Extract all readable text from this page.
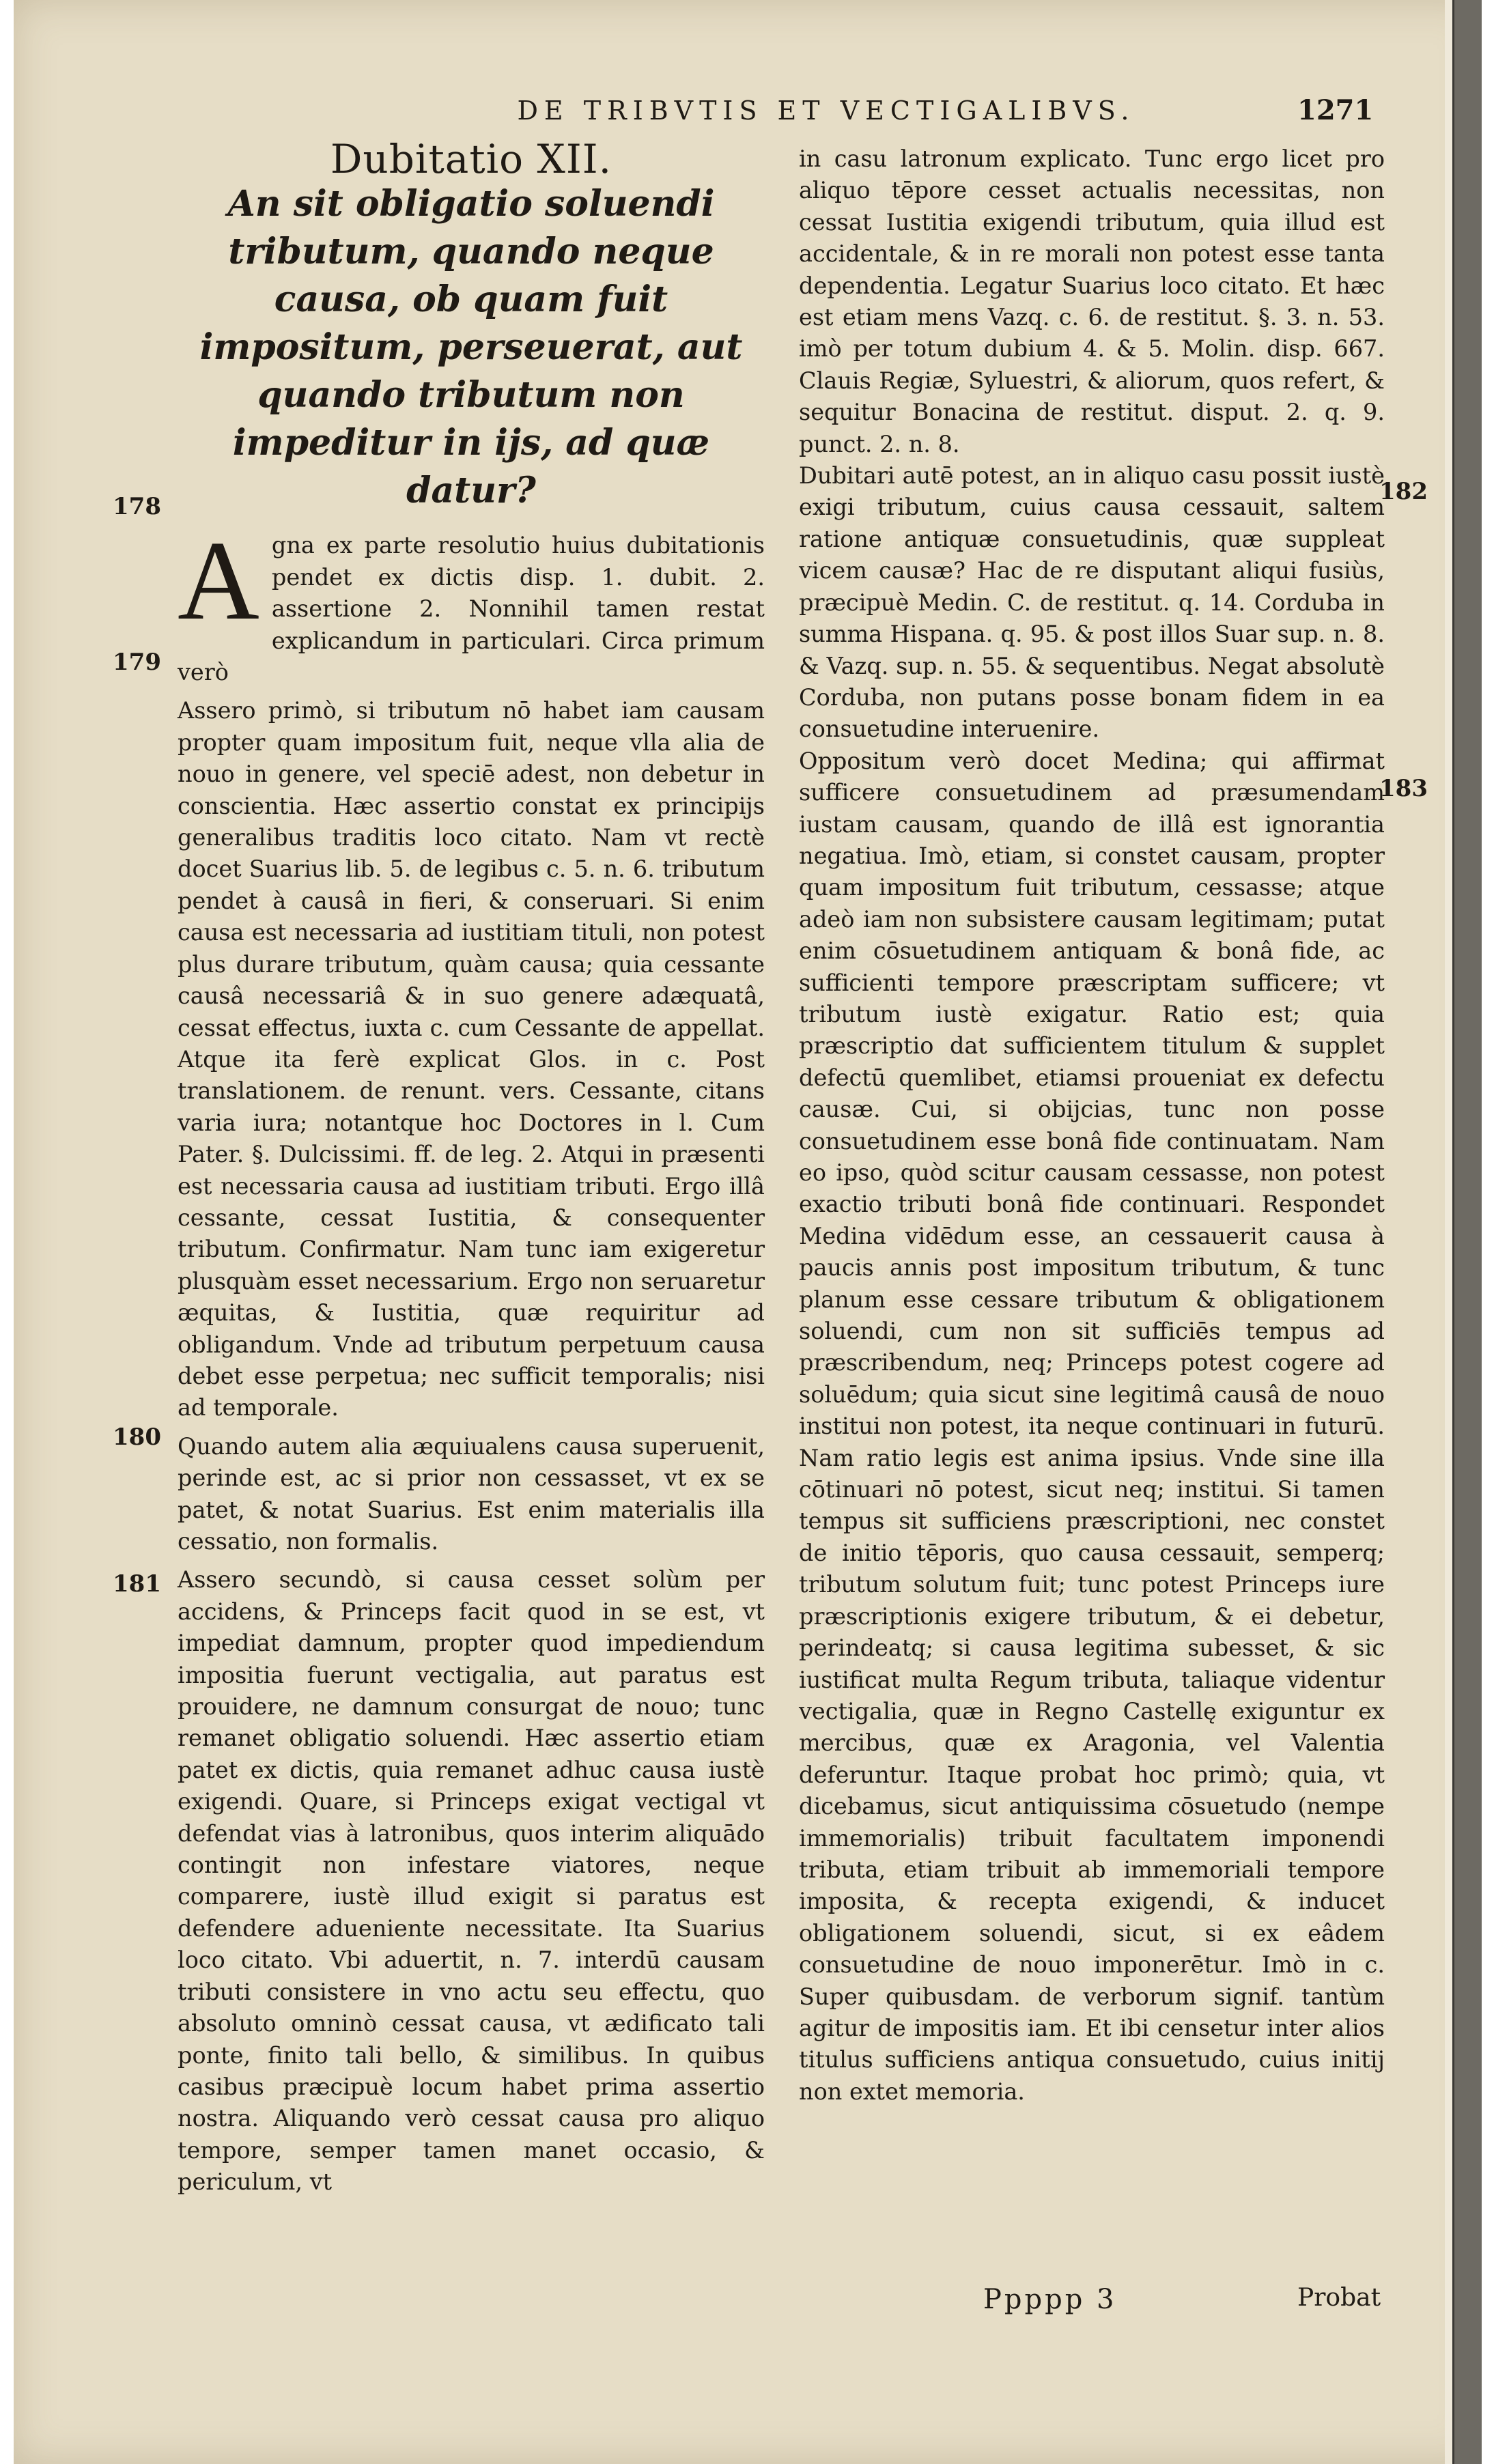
DE TRIBVTIS ET VECTIGALIBVS.	1271
Dubitatio XII.
An sit obligatio soluendi tributum, quando neque causa, ob quam fuit impositum, perseuerat, aut quando tributum non impeditur in ijs, ad quæ datur?

Agna ex parte resolutio huius dubitationis pendet ex dictis disp. 1. dubit. 2. assertione 2. Nonnihil tamen restat explicandum in particulari. Circa primum verò

Assero primò, si tributum nō habet iam causam propter quam impositum fuit, neque vlla alia de nouo in genere, vel speciē adest, non debetur in conscientia. Hæc assertio constat ex principijs generalibus traditis loco citato. Nam vt rectè docet Suarius lib. 5. de legibus c. 5. n. 6. tributum pendet à causâ in fieri, & conseruari. Si enim causa est necessaria ad iustitiam tituli, non potest plus durare tributum, quàm causa; quia cessante causâ necessariâ & in suo genere adæquatâ, cessat effectus, iuxta c. cum Cessante de appellat. Atque ita ferè explicat Glos. in c. Post translationem. de renunt. vers. Cessante, citans varia iura; notantque hoc Doctores in l. Cum Pater. §. Dulcissimi. ff. de leg. 2. Atqui in præsenti est necessaria causa ad iustitiam tributi. Ergo illâ cessante, cessat Iustitia, & consequenter tributum. Confirmatur. Nam tunc iam exigeretur plusquàm esset necessarium. Ergo non seruaretur æquitas, & Iustitia, quæ requiritur ad obligandum. Vnde ad tributum perpetuum causa debet esse perpetua; nec sufficit temporalis; nisi ad temporale.

Quando autem alia æquiualens causa superuenit, perinde est, ac si prior non cessasset, vt ex se patet, & notat Suarius. Est enim materialis illa cessatio, non formalis.

Assero secundò, si causa cesset solùm per accidens, & Princeps facit quod in se est, vt impediat damnum, propter quod impediendum impositia fuerunt vectigalia, aut paratus est prouidere, ne damnum consurgat de nouo; tunc remanet obligatio soluendi. Hæc assertio etiam patet ex dictis, quia remanet adhuc causa iustè exigendi. Quare, si Princeps exigat vectigal vt defendat vias à latronibus, quos interim aliquādo contingit non infestare viatores, neque comparere, iustè illud exigit si paratus est defendere adueniente necessitate. Ita Suarius loco citato. Vbi aduertit, n. 7. interdū causam tributi consistere in vno actu seu effectu, quo absoluto omninò cessat causa, vt ædificato tali ponte, finito tali bello, & similibus. In quibus casibus præcipuè locum habet prima assertio nostra. Aliquando verò cessat causa pro aliquo tempore, semper tamen manet occasio, & periculum, vt

in casu latronum explicato. Tunc ergo licet pro aliquo tēpore cesset actualis necessitas, non cessat Iustitia exigendi tributum, quia illud est accidentale, & in re morali non potest esse tanta dependentia. Legatur Suarius loco citato. Et hæc est etiam mens Vazq. c. 6. de restitut. §. 3. n. 53. imò per totum dubium 4. & 5. Molin. disp. 667. Clauis Regiæ, Syluestri, & aliorum, quos refert, & sequitur Bonacina de restitut. disput. 2. q. 9. punct. 2. n. 8.

Dubitari autē potest, an in aliquo casu possit iustè exigi tributum, cuius causa cessauit, saltem ratione antiquæ consuetudinis, quæ suppleat vicem causæ? Hac de re disputant aliqui fusiùs, præcipuè Medin. C. de restitut. q. 14. Corduba in summa Hispana. q. 95. & post illos Suar sup. n. 8. & Vazq. sup. n. 55. & sequentibus. Negat absolutè Corduba, non putans posse bonam fidem in ea consuetudine interuenire.

Oppositum verò docet Medina; qui affirmat sufficere consuetudinem ad præsumendam iustam causam, quando de illâ est ignorantia negatiua. Imò, etiam, si constet causam, propter quam impositum fuit tributum, cessasse; atque adeò iam non subsistere causam legitimam; putat enim cōsuetudinem antiquam & bonâ fide, ac sufficienti tempore præscriptam sufficere; vt tributum iustè exigatur. Ratio est; quia præscriptio dat sufficientem titulum & supplet defectū quemlibet, etiamsi proueniat ex defectu causæ. Cui, si obijcias, tunc non posse consuetudinem esse bonâ fide continuatam. Nam eo ipso, quòd scitur causam cessasse, non potest exactio tributi bonâ fide continuari. Respondet Medina vidēdum esse, an cessauerit causa à paucis annis post impositum tributum, & tunc planum esse cessare tributum & obligationem soluendi, cum non sit sufficiēs tempus ad præscribendum, neq; Princeps potest cogere ad soluēdum; quia sicut sine legitimâ causâ de nouo institui non potest, ita neque continuari in futurū. Nam ratio legis est anima ipsius. Vnde sine illa cōtinuari nō potest, sicut neq; institui. Si tamen tempus sit sufficiens præscriptioni, nec constet de initio tēporis, quo causa cessauit, semperq; tributum solutum fuit; tunc potest Princeps iure præscriptionis exigere tributum, & ei debetur, perindeatq; si causa legitima subesset, & sic iustificat multa Regum tributa, taliaque videntur vectigalia, quæ in Regno Castellę exiguntur ex mercibus, quæ ex Aragonia, vel Valentia deferuntur. Itaque probat hoc primò; quia, vt dicebamus, sicut antiquissima cōsuetudo (nempe immemorialis) tribuit facultatem imponendi tributa, etiam tribuit ab immemoriali tempore imposita, & recepta exigendi, & inducet obligationem soluendi, sicut, si ex eâdem consuetudine de nouo imponerētur. Imò in c. Super quibusdam. de verborum signif. tantùm agitur de impositis iam. Et ibi censetur inter alios titulus sufficiens antiqua consuetudo, cuius initij non extet memoria.

178
179
180
181
182
183
Ppppp 3	Probat
